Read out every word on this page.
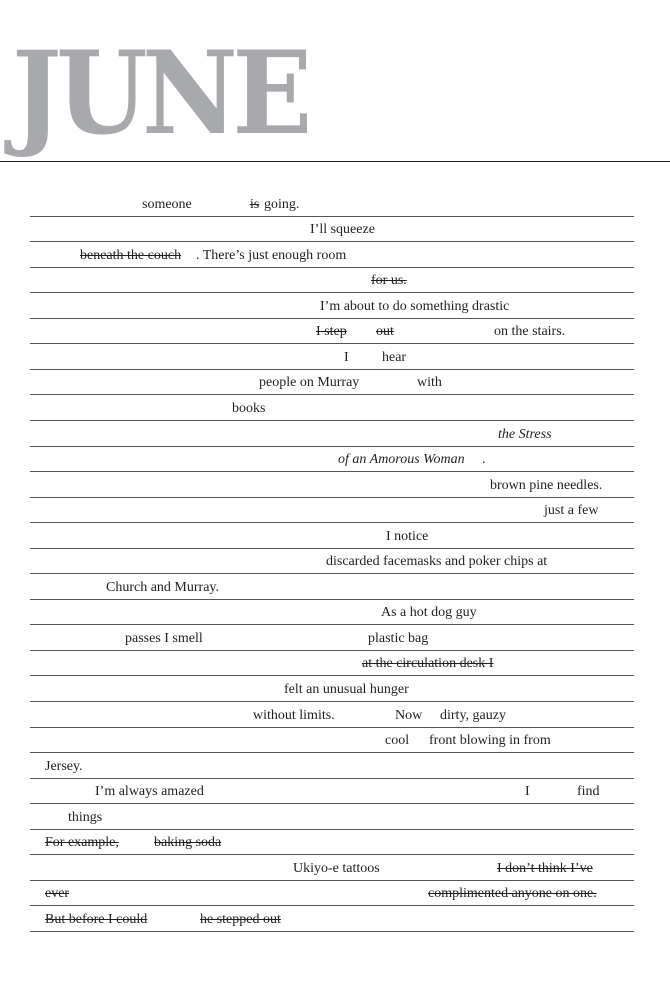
JUNE
someone	is going.
I’ll squeeze
beneath the couch . There’s just enough room
for us.
I’m about to do something drastic
I step out	on the stairs.
I hear
people on Murray	with
books
the Stress
of an Amorous Woman .
brown pine needles.
just a few
I notice
discarded facemasks and poker chips at
Church and Murray.
As a hot dog guy
passes I smell	plastic bag
at the circulation desk I
felt an unusual hunger
without limits.	Now dirty, gauzy
cool front blowing in from
Jersey.
I’m always amazed	I	find
things
For example,	baking soda
Ukiyo-e tattoos	I don’t think I’ve
ever	complimented anyone on one.
But before I could	he stepped out
